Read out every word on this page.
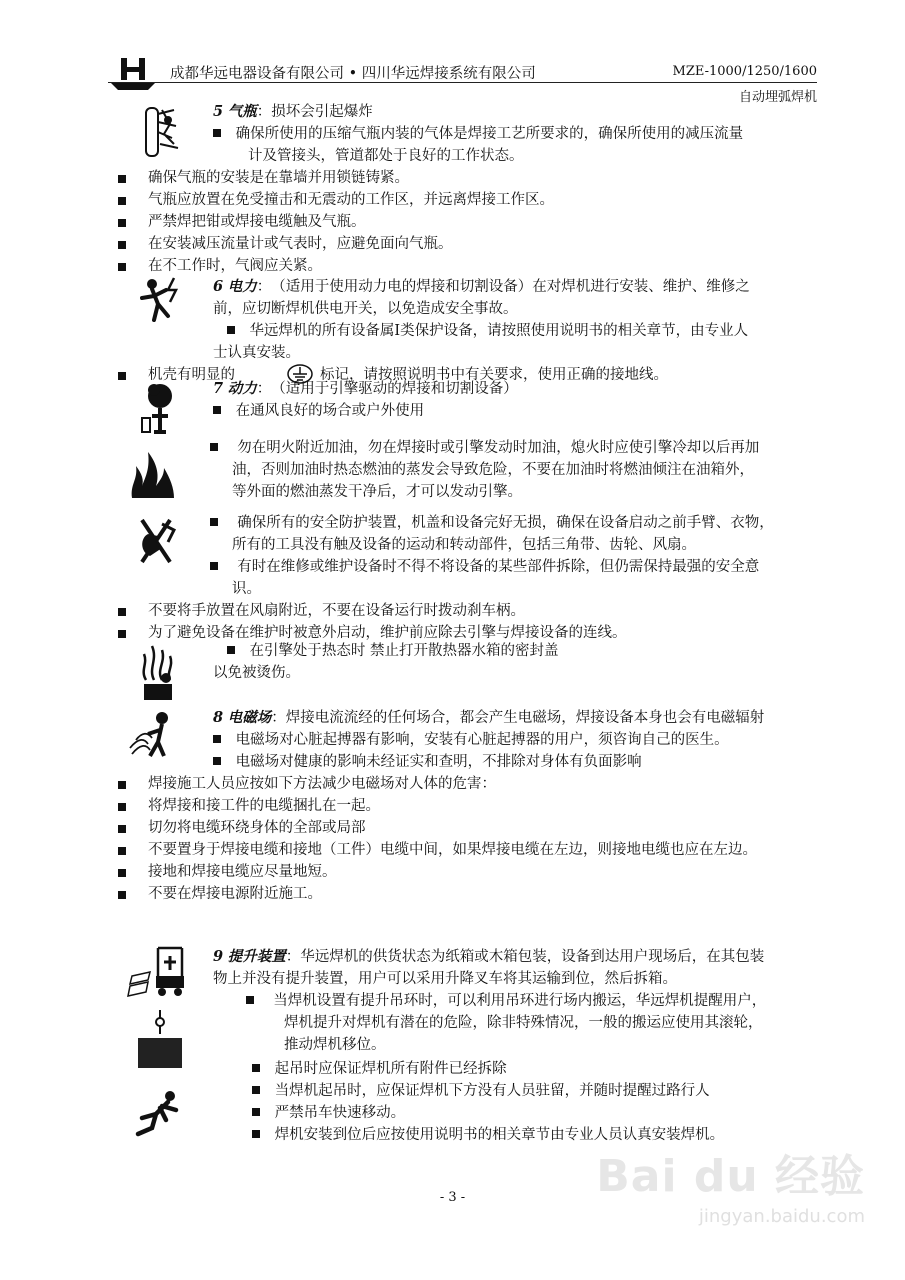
成都华远电器设备有限公司 • 四川华远焊接系统有限公司	MZE-1000/1250/1600
自动埋弧焊机
5 气瓶：损坏会引起爆炸
确保所使用的压缩气瓶内装的气体是焊接工艺所要求的，确保所使用的减压流量
计及管接头，管道都处于良好的工作状态。
确保气瓶的安装是在靠墙并用锁链铸紧。
气瓶应放置在免受撞击和无震动的工作区，并远离焊接工作区。
严禁焊把钳或焊接电缆触及气瓶。
在安装减压流量计或气表时，应避免面向气瓶。
在不工作时，气阀应关紧。
6 电力：　（适用于使用动力电的焊接和切割设备）在对焊机进行安装、维护、维修之
前，应切断焊机供电开关，以免造成安全事故。
华远焊机的所有设备属Ⅰ类保护设备，请按照使用说明书的相关章节，由专业人
士认真安装。
机壳有明显的	标记，请按照说明书中有关要求，使用正确的接地线。
7 动力：　（适用于引擎驱动的焊接和切割设备）
在通风良好的场合或户外使用
勿在明火附近加油，勿在焊接时或引擎发动时加油，熄火时应使引擎冷却以后再加
油，否则加油时热态燃油的蒸发会导致危险，不要在加油时将燃油倾注在油箱外，
等外面的燃油蒸发干净后，才可以发动引擎。
确保所有的安全防护装置，机盖和设备完好无损，确保在设备启动之前手臂、衣物，
所有的工具没有触及设备的运动和转动部件，包括三角带、齿轮、风扇。
有时在维修或维护设备时不得不将设备的某些部件拆除，但仍需保持最强的安全意
识。
不要将手放置在风扇附近，不要在设备运行时拨动刹车柄。
为了避免设备在维护时被意外启动，维护前应除去引擎与焊接设备的连线。
在引擎处于热态时 禁止打开散热器水箱的密封盖
以免被烫伤。
8 电磁场：焊接电流流经的任何场合，都会产生电磁场，焊接设备本身也会有电磁辐射
电磁场对心脏起搏器有影响，安装有心脏起搏器的用户，须咨询自己的医生。
电磁场对健康的影响未经证实和查明，不排除对身体有负面影响
焊接施工人员应按如下方法减少电磁场对人体的危害：
将焊接和接工件的电缆捆扎在一起。
切勿将电缆环绕身体的全部或局部
不要置身于焊接电缆和接地（工件）电缆中间，如果焊接电缆在左边，则接地电缆也应在左边。
接地和焊接电缆应尽量地短。
不要在焊接电源附近施工。
9 提升装置：华远焊机的供货状态为纸箱或木箱包装，设备到达用户现场后，在其包装
物上并没有提升装置，用户可以采用升降叉车将其运输到位，然后拆箱。
当焊机设置有提升吊环时，可以利用吊环进行场内搬运，华远焊机提醒用户，
焊机提升对焊机有潜在的危险，除非特殊情况，一般的搬运应使用其滚轮，
推动焊机移位。
起吊时应保证焊机所有附件已经拆除
当焊机起吊时，应保证焊机下方没有人员驻留，并随时提醒过路行人
严禁吊车快速移动。
焊机安装到位后应按使用说明书的相关章节由专业人员认真安装焊机。
- 3 -	Bai du 经验
jingyan.baidu.com
